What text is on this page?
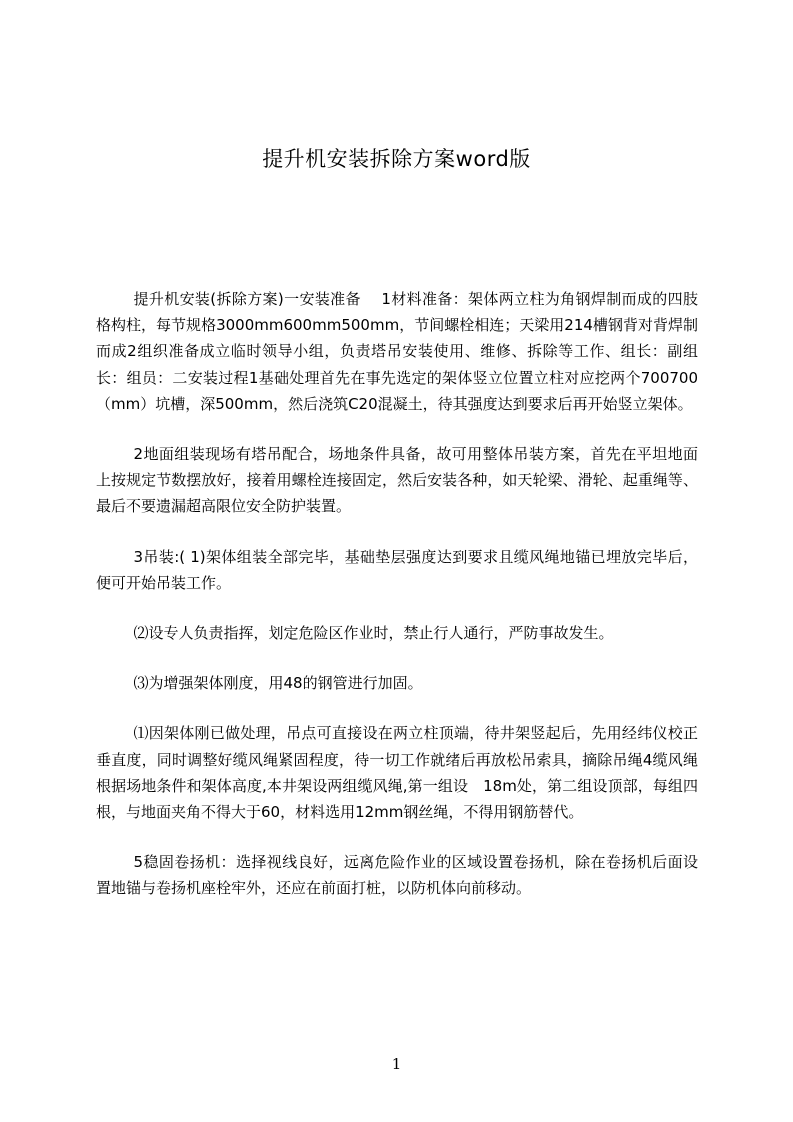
提升机安装拆除方案word版

提升机安装(拆除方案)一安装准备　 1材料准备：架体两立柱为角钢焊制而成的四肢格构柱，每节规格3000mm600mm500mm，节间螺栓相连；天梁用214槽钢背对背焊制而成2组织准备成立临时领导小组，负责塔吊安装使用、维修、拆除等工作、组长：副组长：组员：二安装过程1基础处理首先在事先选定的架体竖立位置立柱对应挖两个700700（mm）坑槽，深500mm，然后浇筑C20混凝土，待其强度达到要求后再开始竖立架体。

2地面组装现场有塔吊配合，场地条件具备，故可用整体吊装方案，首先在平坦地面上按规定节数摆放好，接着用螺栓连接固定，然后安装各种，如天轮梁、滑轮、起重绳等、最后不要遗漏超高限位安全防护装置。

3吊装:( 1)架体组装全部完毕，基础垫层强度达到要求且缆风绳地锚已埋放完毕后，便可开始吊装工作。

⑵设专人负责指挥，划定危险区作业时，禁止行人通行，严防事故发生。

⑶为增强架体刚度，用48的钢管进行加固。

⑴因架体刚已做处理，吊点可直接设在两立柱顶端，待井架竖起后，先用经纬仪校正垂直度，同时调整好缆风绳紧固程度，待一切工作就绪后再放松吊索具，摘除吊绳4缆风绳根据场地条件和架体高度,本井架设两组缆风绳,第一组设　18m处，第二组设顶部，每组四根，与地面夹角不得大于60，材料选用12mm钢丝绳，不得用钢筋替代。

5稳固卷扬机：选择视线良好，远离危险作业的区域设置卷扬机，除在卷扬机后面设置地锚与卷扬机座栓牢外，还应在前面打桩，以防机体向前移动。

1
